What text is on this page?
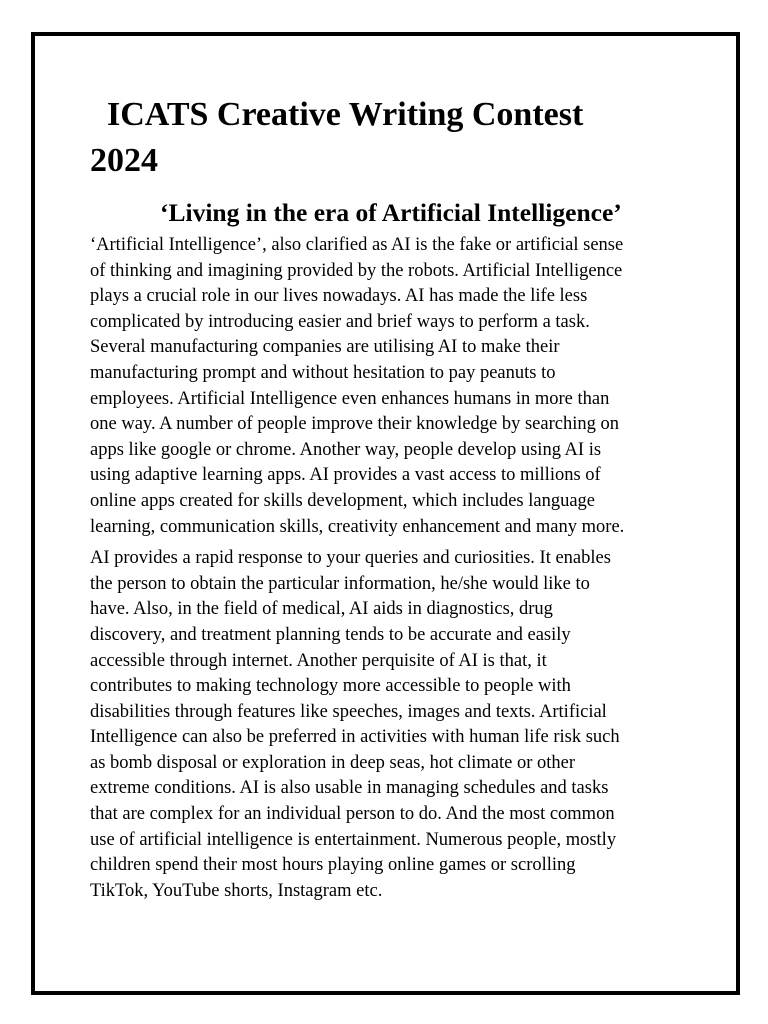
ICATS Creative Writing Contest
2024
‘Living in the era of Artificial Intelligence’

‘Artificial Intelligence’, also clarified as AI is the fake or artificial sense
of thinking and imagining provided by the robots. Artificial Intelligence
plays a crucial role in our lives nowadays. AI has made the life less
complicated by introducing easier and brief ways to perform a task.
Several manufacturing companies are utilising AI to make their
manufacturing prompt and without hesitation to pay peanuts to
employees. Artificial Intelligence even enhances humans in more than
one way. A number of people improve their knowledge by searching on
apps like google or chrome. Another way, people develop using AI is
using adaptive learning apps. AI provides a vast access to millions of
online apps created for skills development, which includes language
learning, communication skills, creativity enhancement and many more.

AI provides a rapid response to your queries and curiosities. It enables
the person to obtain the particular information, he/she would like to
have. Also, in the field of medical, AI aids in diagnostics, drug
discovery, and treatment planning tends to be accurate and easily
accessible through internet. Another perquisite of AI is that, it
contributes to making technology more accessible to people with
disabilities through features like speeches, images and texts. Artificial
Intelligence can also be preferred in activities with human life risk such
as bomb disposal or exploration in deep seas, hot climate or other
extreme conditions. AI is also usable in managing schedules and tasks
that are complex for an individual person to do. And the most common
use of artificial intelligence is entertainment. Numerous people, mostly
children spend their most hours playing online games or scrolling
TikTok, YouTube shorts, Instagram etc.
